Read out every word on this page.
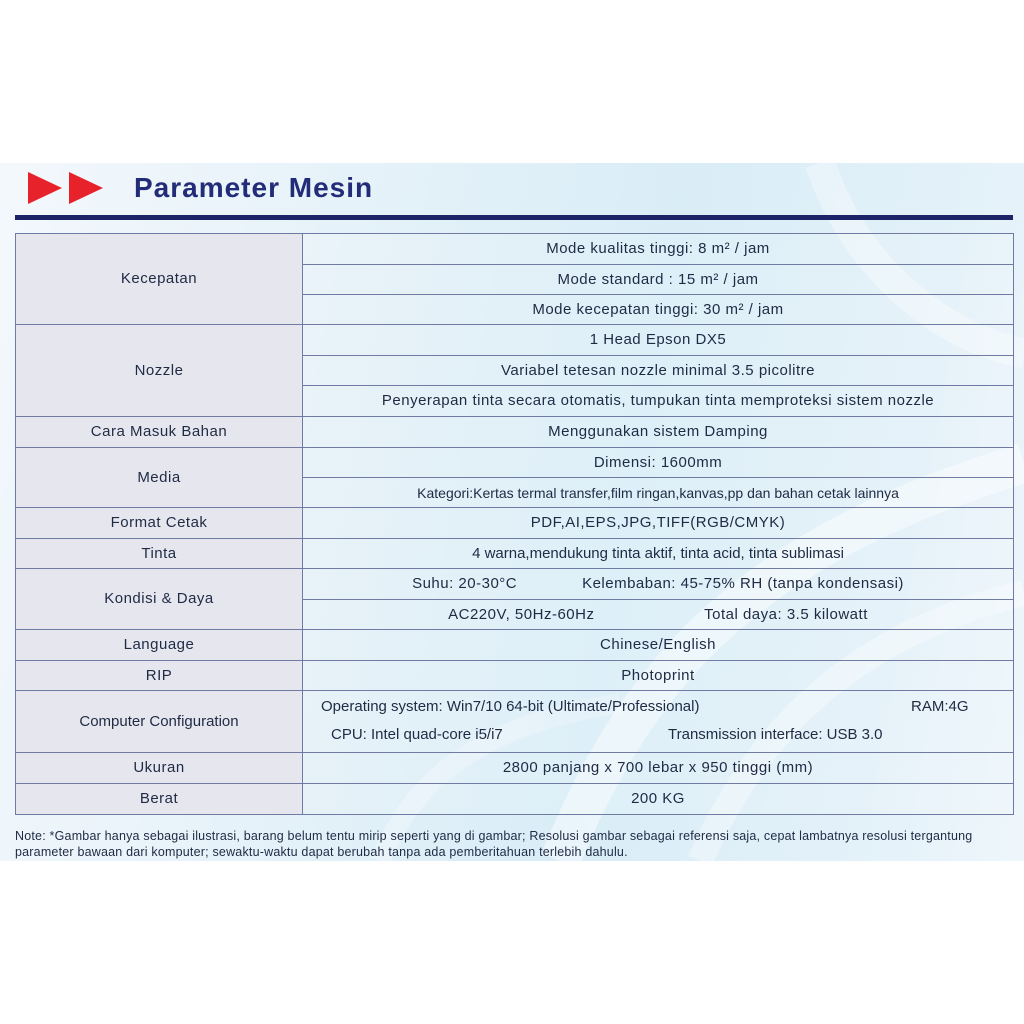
Parameter Mesin
Kecepatan	Mode kualitas tinggi: 8 m² / jam
	Mode standard : 15 m² / jam
	Mode kecepatan tinggi: 30 m² / jam
Nozzle	1 Head Epson DX5
	Variabel tetesan nozzle minimal 3.5 picolitre
	Penyerapan tinta secara otomatis, tumpukan tinta memproteksi sistem nozzle
Cara Masuk Bahan	Menggunakan sistem Damping
Media	Dimensi: 1600mm
	Kategori:Kertas termal transfer,film ringan,kanvas,pp dan bahan cetak lainnya
Format Cetak	PDF,AI,EPS,JPG,TIFF(RGB/CMYK)
Tinta	4 warna,mendukung tinta aktif, tinta acid, tinta sublimasi
Kondisi & Daya	Suhu: 20-30°C Kelembaban: 45-75% RH (tanpa kondensasi)

	AC220V, 50Hz-60Hz Total daya: 3.5 kilowatt

Language	Chinese/English
RIP	Photoprint
Computer Configuration	Operating system: Win7/10 64-bit (Ultimate/Professional) RAM:4G
CPU: Intel quad-core i5/i7 Transmission interface: USB 3.0

Ukuran	2800 panjang x 700 lebar x 950 tinggi (mm)
Berat	200 KG
Note: *Gambar hanya sebagai ilustrasi, barang belum tentu mirip seperti yang di gambar; Resolusi gambar sebagai referensi saja, cepat lambatnya resolusi tergantung parameter bawaan dari komputer; sewaktu-waktu dapat berubah tanpa ada pemberitahuan terlebih dahulu.
